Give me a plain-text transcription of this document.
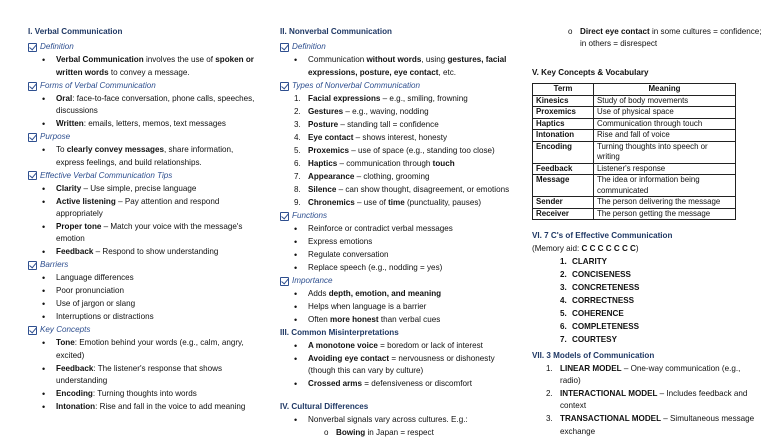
I. Verbal Communication
Definition
• Verbal Communication involves the use of spoken or written words to convey a message.
Forms of Verbal Communication
• Oral: face-to-face conversation, phone calls, speeches, discussions
• Written: emails, letters, memos, text messages
Purpose
• To clearly convey messages, share information, express feelings, and build relationships.
Effective Verbal Communication Tips
• Clarity – Use simple, precise language
• Active listening – Pay attention and respond appropriately
• Proper tone – Match your voice with the message's emotion
• Feedback – Respond to show understanding
Barriers
• Language differences
• Poor pronunciation
• Use of jargon or slang
• Interruptions or distractions
Key Concepts
• Tone: Emotion behind your words (e.g., calm, angry, excited)
• Feedback: The listener's response that shows understanding
• Encoding: Turning thoughts into words
• Intonation: Rise and fall in the voice to add meaning
II. Nonverbal Communication
Definition
• Communication without words, using gestures, facial expressions, posture, eye contact, etc.
Types of Nonverbal Communication
1. Facial expressions – e.g., smiling, frowning
2. Gestures – e.g., waving, nodding
3. Posture – standing tall = confidence
4. Eye contact – shows interest, honesty
5. Proxemics – use of space (e.g., standing too close)
6. Haptics – communication through touch
7. Appearance – clothing, grooming
8. Silence – can show thought, disagreement, or emotions
9. Chronemics – use of time (punctuality, pauses)
Functions
• Reinforce or contradict verbal messages
• Express emotions
• Regulate conversation
• Replace speech (e.g., nodding = yes)
Importance
• Adds depth, emotion, and meaning
• Helps when language is a barrier
• Often more honest than verbal cues
III. Common Misinterpretations
• A monotone voice = boredom or lack of interest
• Avoiding eye contact = nervousness or dishonesty (though this can vary by culture)
• Crossed arms = defensiveness or discomfort
IV. Cultural Differences
• Nonverbal signals vary across cultures. E.g.:
o Bowing in Japan = respect
o Direct eye contact in some cultures = confidence; in others = disrespect
V. Key Concepts & Vocabulary
Term	Meaning
Kinesics	Study of body movements
Proxemics	Use of physical space
Haptics	Communication through touch
Intonation	Rise and fall of voice
Encoding	Turning thoughts into speech or writing
Feedback	Listener's response
Message	The idea or information being communicated
Sender	The person delivering the message
Receiver	The person getting the message
VI. 7 C's of Effective Communication
(Memory aid: C C C C C C C)
1. CLARITY
2. CONCISENESS
3. CONCRETENESS
4. CORRECTNESS
5. COHERENCE
6. COMPLETENESS
7. COURTESY
VII. 3 Models of Communication
1. LINEAR MODEL – One-way communication (e.g., radio)
2. INTERACTIONAL MODEL – Includes feedback and context
3. TRANSACTIONAL MODEL – Simultaneous message exchange
